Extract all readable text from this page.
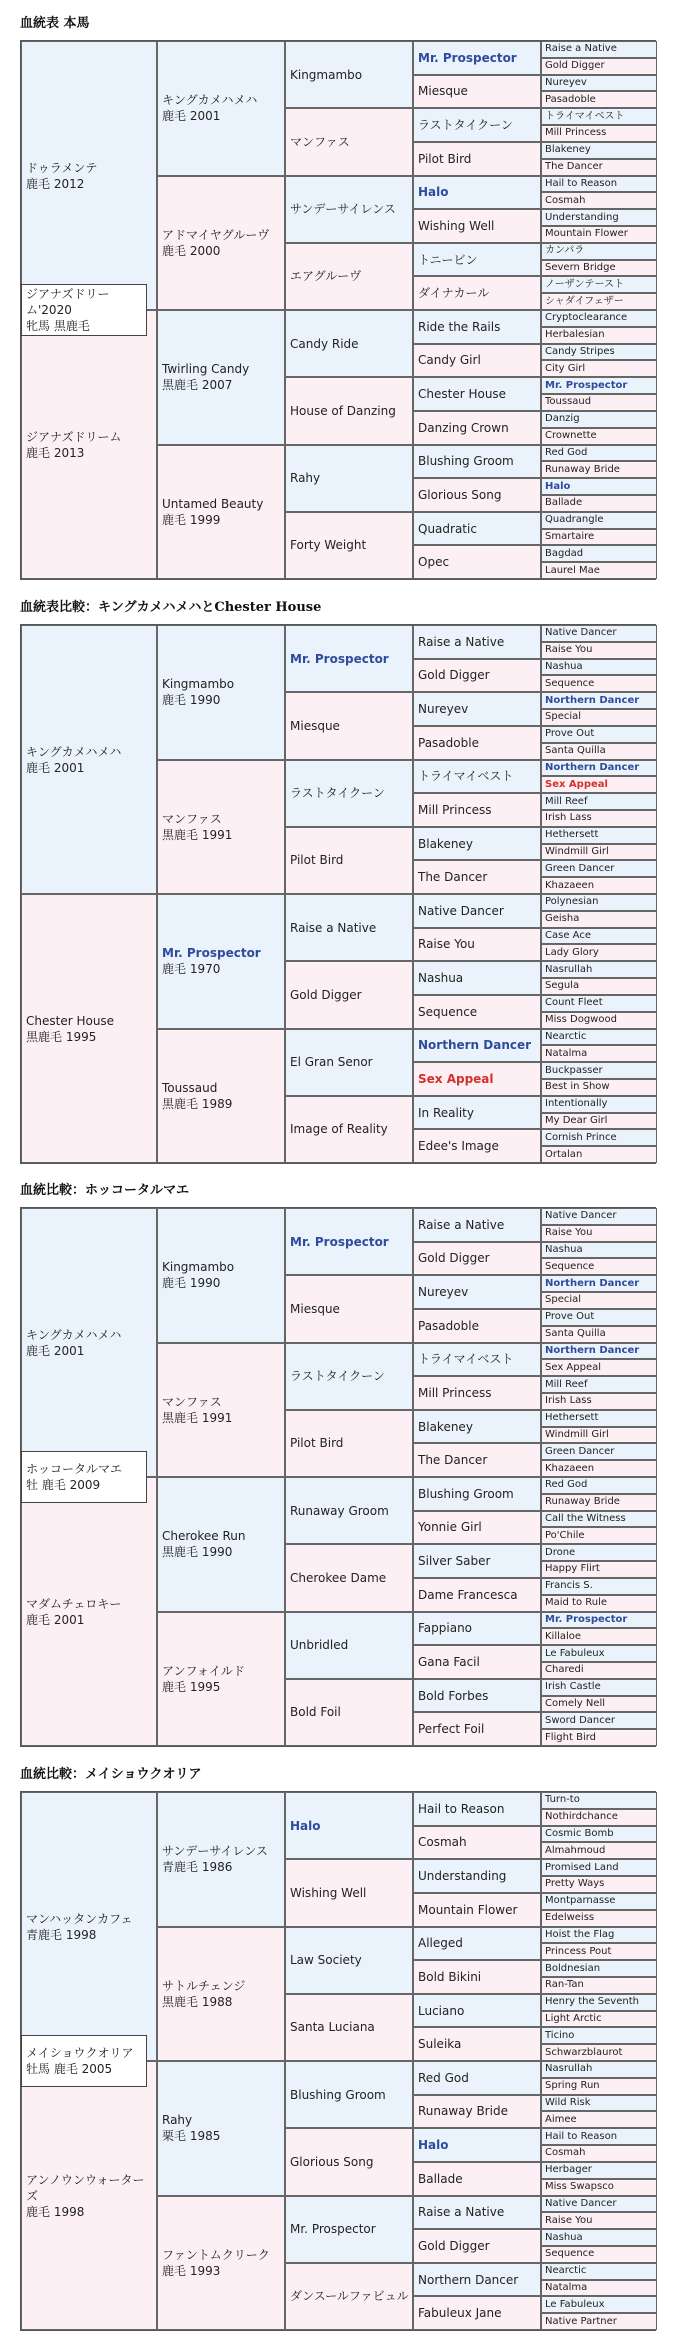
血統表 本馬
ドゥラメンテ
鹿毛 2012
ジアナズドリーム
鹿毛 2013
ジアナズドリーム'2020
牝馬 黒鹿毛
キングカメハメハ
鹿毛 2001
アドマイヤグルーヴ
鹿毛 2000
Twirling Candy
黒鹿毛 2007
Untamed Beauty
鹿毛 1999
Kingmambo
マンファス
サンデーサイレンス
エアグルーヴ
Candy Ride
House of Danzing
Rahy
Forty Weight
Mr. Prospector
Miesque
ラストタイクーン
Pilot Bird
Halo
Wishing Well
トニービン
ダイナカール
Ride the Rails
Candy Girl
Chester House
Danzing Crown
Blushing Groom
Glorious Song
Quadratic
Opec
Raise a Native
Gold Digger
Nureyev
Pasadoble
トライマイベスト
Mill Princess
Blakeney
The Dancer
Hail to Reason
Cosmah
Understanding
Mountain Flower
カンパラ
Severn Bridge
ノーザンテースト
シャダイフェザー
Cryptoclearance
Herbalesian
Candy Stripes
City Girl
Mr. Prospector
Toussaud
Danzig
Crownette
Red God
Runaway Bride
Halo
Ballade
Quadrangle
Smartaire
Bagdad
Laurel Mae
血統表比較：キングカメハメハとChester House
キングカメハメハ
鹿毛 2001
Chester House
黒鹿毛 1995
Kingmambo
鹿毛 1990
マンファス
黒鹿毛 1991
Mr. Prospector
鹿毛 1970
Toussaud
黒鹿毛 1989
Mr. Prospector
Miesque
ラストタイクーン
Pilot Bird
Raise a Native
Gold Digger
El Gran Senor
Image of Reality
Raise a Native
Gold Digger
Nureyev
Pasadoble
トライマイベスト
Mill Princess
Blakeney
The Dancer
Native Dancer
Raise You
Nashua
Sequence
Northern Dancer
Sex Appeal
In Reality
Edee's Image
Native Dancer
Raise You
Nashua
Sequence
Northern Dancer
Special
Prove Out
Santa Quilla
Northern Dancer
Sex Appeal
Mill Reef
Irish Lass
Hethersett
Windmill Girl
Green Dancer
Khazaeen
Polynesian
Geisha
Case Ace
Lady Glory
Nasrullah
Segula
Count Fleet
Miss Dogwood
Nearctic
Natalma
Buckpasser
Best in Show
Intentionally
My Dear Girl
Cornish Prince
Ortalan
血統比較：ホッコータルマエ
キングカメハメハ
鹿毛 2001
マダムチェロキー
鹿毛 2001
ホッコータルマエ
牡 鹿毛 2009
Kingmambo
鹿毛 1990
マンファス
黒鹿毛 1991
Cherokee Run
黒鹿毛 1990
アンフォイルド
鹿毛 1995
Mr. Prospector
Miesque
ラストタイクーン
Pilot Bird
Runaway Groom
Cherokee Dame
Unbridled
Bold Foil
Raise a Native
Gold Digger
Nureyev
Pasadoble
トライマイベスト
Mill Princess
Blakeney
The Dancer
Blushing Groom
Yonnie Girl
Silver Saber
Dame Francesca
Fappiano
Gana Facil
Bold Forbes
Perfect Foil
Native Dancer
Raise You
Nashua
Sequence
Northern Dancer
Special
Prove Out
Santa Quilla
Northern Dancer
Sex Appeal
Mill Reef
Irish Lass
Hethersett
Windmill Girl
Green Dancer
Khazaeen
Red God
Runaway Bride
Call the Witness
Po'Chile
Drone
Happy Flirt
Francis S.
Maid to Rule
Mr. Prospector
Killaloe
Le Fabuleux
Charedi
Irish Castle
Comely Nell
Sword Dancer
Flight Bird
血統比較：メイショウクオリア
マンハッタンカフェ
青鹿毛 1998
アンノウンウォーターズ
鹿毛 1998
メイショウクオリア
牡馬 鹿毛 2005
サンデーサイレンス
青鹿毛 1986
サトルチェンジ
黒鹿毛 1988
Rahy
栗毛 1985
ファントムクリーク
鹿毛 1993
Halo
Wishing Well
Law Society
Santa Luciana
Blushing Groom
Glorious Song
Mr. Prospector
ダンスールファビュル
Hail to Reason
Cosmah
Understanding
Mountain Flower
Alleged
Bold Bikini
Luciano
Suleika
Red God
Runaway Bride
Halo
Ballade
Raise a Native
Gold Digger
Northern Dancer
Fabuleux Jane
Turn-to
Nothirdchance
Cosmic Bomb
Almahmoud
Promised Land
Pretty Ways
Montparnasse
Edelweiss
Hoist the Flag
Princess Pout
Boldnesian
Ran-Tan
Henry the Seventh
Light Arctic
Ticino
Schwarzblaurot
Nasrullah
Spring Run
Wild Risk
Aimee
Hail to Reason
Cosmah
Herbager
Miss Swapsco
Native Dancer
Raise You
Nashua
Sequence
Nearctic
Natalma
Le Fabuleux
Native Partner
